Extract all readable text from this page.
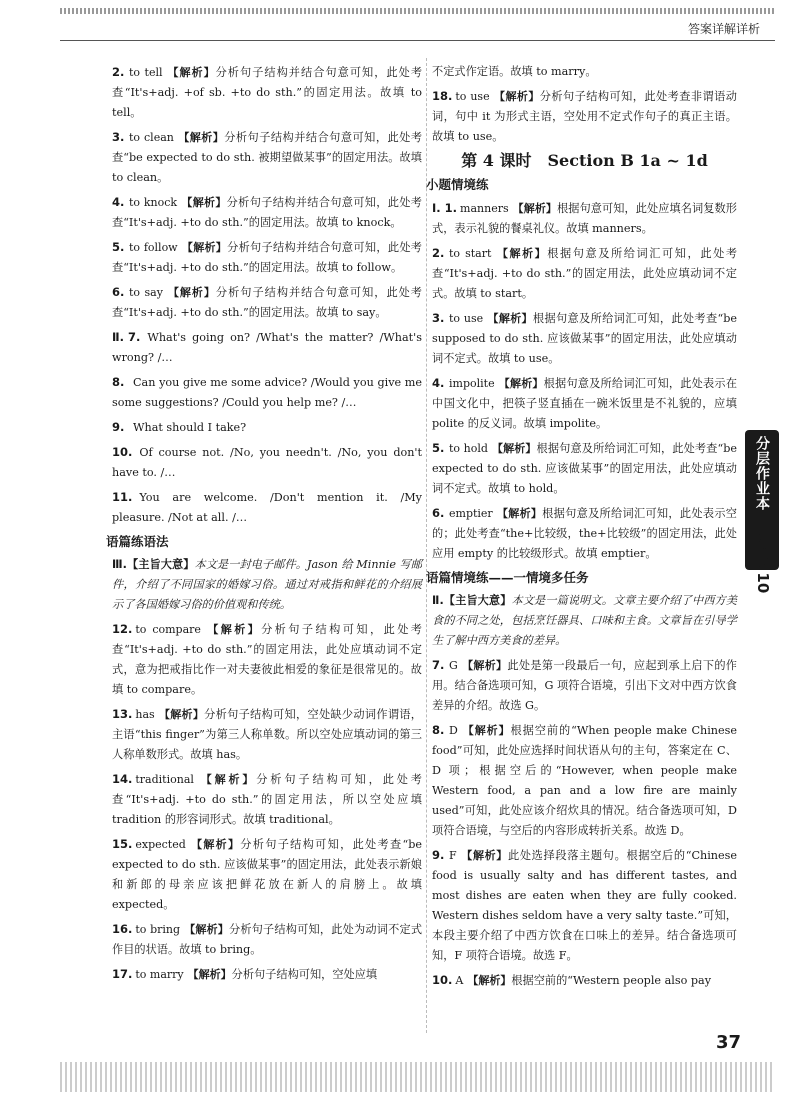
答案详解详析
2. to tell 【解析】分析句子结构并结合句意可知，此处考查“It's+adj. +of sb. +to do sth.”的固定用法。故填 to tell。
3. to clean 【解析】分析句子结构并结合句意可知，此处考查“be expected to do sth. 被期望做某事”的固定用法。故填 to clean。
4. to knock 【解析】分析句子结构并结合句意可知，此处考查“It's+adj. +to do sth.”的固定用法。故填 to knock。
5. to follow 【解析】分析句子结构并结合句意可知，此处考查“It's+adj. +to do sth.”的固定用法。故填 to follow。
6. to say 【解析】分析句子结构并结合句意可知，此处考查“It's+adj. +to do sth.”的固定用法。故填 to say。
Ⅱ. 7. What's going on? /What's the matter? /What's wrong? /…
8. Can you give me some advice? /Would you give me some suggestions? /Could you help me? /…
9. What should I take?
10. Of course not. /No, you needn't. /No, you don't have to. /…
11. You are welcome. /Don't mention it. /My pleasure. /Not at all. /…
语篇练语法
Ⅲ.【主旨大意】本文是一封电子邮件。Jason 给 Minnie 写邮件，介绍了不同国家的婚嫁习俗。通过对戒指和鲜花的介绍展示了各国婚嫁习俗的价值观和传统。
12. to compare 【解析】分析句子结构可知，此处考查“It's+adj. +to do sth.”的固定用法，此处应填动词不定式，意为把戒指比作一对夫妻彼此相爱的象征是很常见的。故填 to compare。
13. has 【解析】分析句子结构可知，空处缺少动词作谓语，主语“this finger”为第三人称单数。所以空处应填动词的第三人称单数形式。故填 has。
14. traditional 【解析】分析句子结构可知，此处考查“It's+adj. +to do sth.”的固定用法，所以空处应填 tradition 的形容词形式。故填 traditional。
15. expected 【解析】分析句子结构可知，此处考查“be expected to do sth. 应该做某事”的固定用法，此处表示新娘和新郎的母亲应该把鲜花放在新人的肩膀上。故填 expected。
16. to bring 【解析】分析句子结构可知，此处为动词不定式作目的状语。故填 to bring。
17. to marry 【解析】分析句子结构可知，空处应填
不定式作定语。故填 to marry。
18. to use 【解析】分析句子结构可知，此处考查非谓语动词，句中 it 为形式主语，空处用不定式作句子的真正主语。故填 to use。
第 4 课时　Section B 1a ~ 1d
小题情境练
Ⅰ. 1. manners 【解析】根据句意可知，此处应填名词复数形式，表示礼貌的餐桌礼仪。故填 manners。
2. to start 【解析】根据句意及所给词汇可知，此处考查“It's+adj. +to do sth.”的固定用法，此处应填动词不定式。故填 to start。
3. to use 【解析】根据句意及所给词汇可知，此处考查“be supposed to do sth. 应该做某事”的固定用法，此处应填动词不定式。故填 to use。
4. impolite 【解析】根据句意及所给词汇可知，此处表示在中国文化中，把筷子竖直插在一碗米饭里是不礼貌的，应填 polite 的反义词。故填 impolite。
5. to hold 【解析】根据句意及所给词汇可知，此处考查“be expected to do sth. 应该做某事”的固定用法，此处应填动词不定式。故填 to hold。
6. emptier 【解析】根据句意及所给词汇可知，此处表示空的；此处考查“the+比较级，the+比较级”的固定用法，此处应用 empty 的比较级形式。故填 emptier。
语篇情境练——一情境多任务
Ⅱ.【主旨大意】本文是一篇说明文。文章主要介绍了中西方美食的不同之处，包括烹饪器具、口味和主食。文章旨在引导学生了解中西方美食的差异。
7. G 【解析】此处是第一段最后一句，应起到承上启下的作用。结合备选项可知，G 项符合语境，引出下文对中西方饮食差异的介绍。故选 G。
8. D 【解析】根据空前的“When people make Chinese food”可知，此处应选择时间状语从句的主句，答案定在 C、D 项；根据空后的“However, when people make Western food, a pan and a low fire are mainly used”可知，此处应该介绍炊具的情况。结合备选项可知，D 项符合语境，与空后的内容形成转折关系。故选 D。
9. F 【解析】此处选择段落主题句。根据空后的“Chinese food is usually salty and has different tastes, and most dishes are eaten when they are fully cooked. Western dishes seldom have a very salty taste.”可知，本段主要介绍了中西方饮食在口味上的差异。结合备选项可知，F 项符合语境。故选 F。
10. A 【解析】根据空前的“Western people also pay
分层作业本
Unit 10
37
